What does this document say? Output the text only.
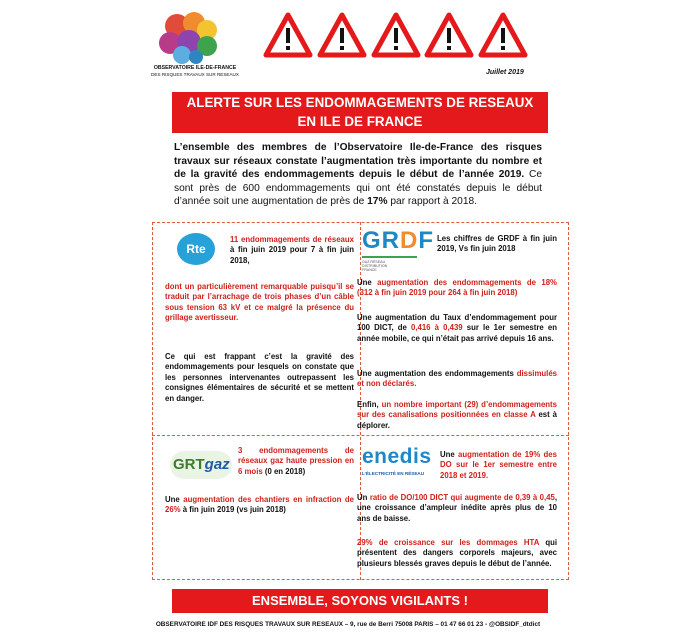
OBSERVATOIRE ILE-DE-FRANCE
DES RISQUES TRAVAUX SUR RESEAUX	Juillet 2019
ALERTE SUR LES ENDOMMAGEMENTS DE RESEAUX
EN ILE DE FRANCE
L’ensemble des membres de l’Observatoire Ile-de-France des risques travaux sur réseaux constate l’augmentation très importante du nombre et de la gravité des endommagements depuis le début de l’année 2019. Ce sont près de 600 endommagements qui ont été constatés depuis le début d’année soit une augmentation de près de 17% par rapport à 2018.
Rte

11 endommagements de réseaux à fin juin 2019 pour 7 à fin juin 2018,

dont un particulièrement remarquable puisqu’il se traduit par l’arrachage de trois phases d’un câble sous tension 63 kV et ce malgré la présence du grillage avertisseur.

Ce qui est frappant c’est la gravité des endommagements pour lesquels on constate que les personnes intervenantes outrepassent les consignes élémentaires de sécurité et se mettent en danger.

GRDF
GAZ RÉSEAU DISTRIBUTION FRANCE

Les chiffres de GRDF à fin juin 2019, Vs fin juin 2018

Une augmentation des endommagements de 18% (312 à fin juin 2019 pour 264 à fin juin 2018)

Une augmentation du Taux d’endommagement pour 100 DICT, de 0,416 à 0,439 sur le 1er semestre en année mobile, ce qui n’était pas arrivé depuis 16 ans.

Une augmentation des endommagements dissimulés et non déclarés.

Enfin, un nombre important (29) d’endommagements sur des canalisations positionnées en classe A est à déplorer.

GRTgaz

3 endommagements de réseaux gaz haute pression en 6 mois (0 en 2018)

Une augmentation des chantiers en infraction de 26% à fin juin 2019 (vs juin 2018)

enedis
L’ÉLECTRICITÉ EN RÉSEAU

Une augmentation de 19% des DO sur le 1er semestre entre 2018 et 2019.

Un ratio de DO/100 DICT qui augmente de 0,39 à 0,45, une croissance d’ampleur inédite après plus de 10 ans de baisse.

29% de croissance sur les dommages HTA qui présentent des dangers corporels majeurs, avec plusieurs blessés graves depuis le début de l’année.

ENSEMBLE, SOYONS VIGILANTS !
OBSERVATOIRE IDF DES RISQUES TRAVAUX SUR RESEAUX – 9, rue de Berri 75008 PARIS – 01 47 66 01 23 - @OBSIDF_dtdict
